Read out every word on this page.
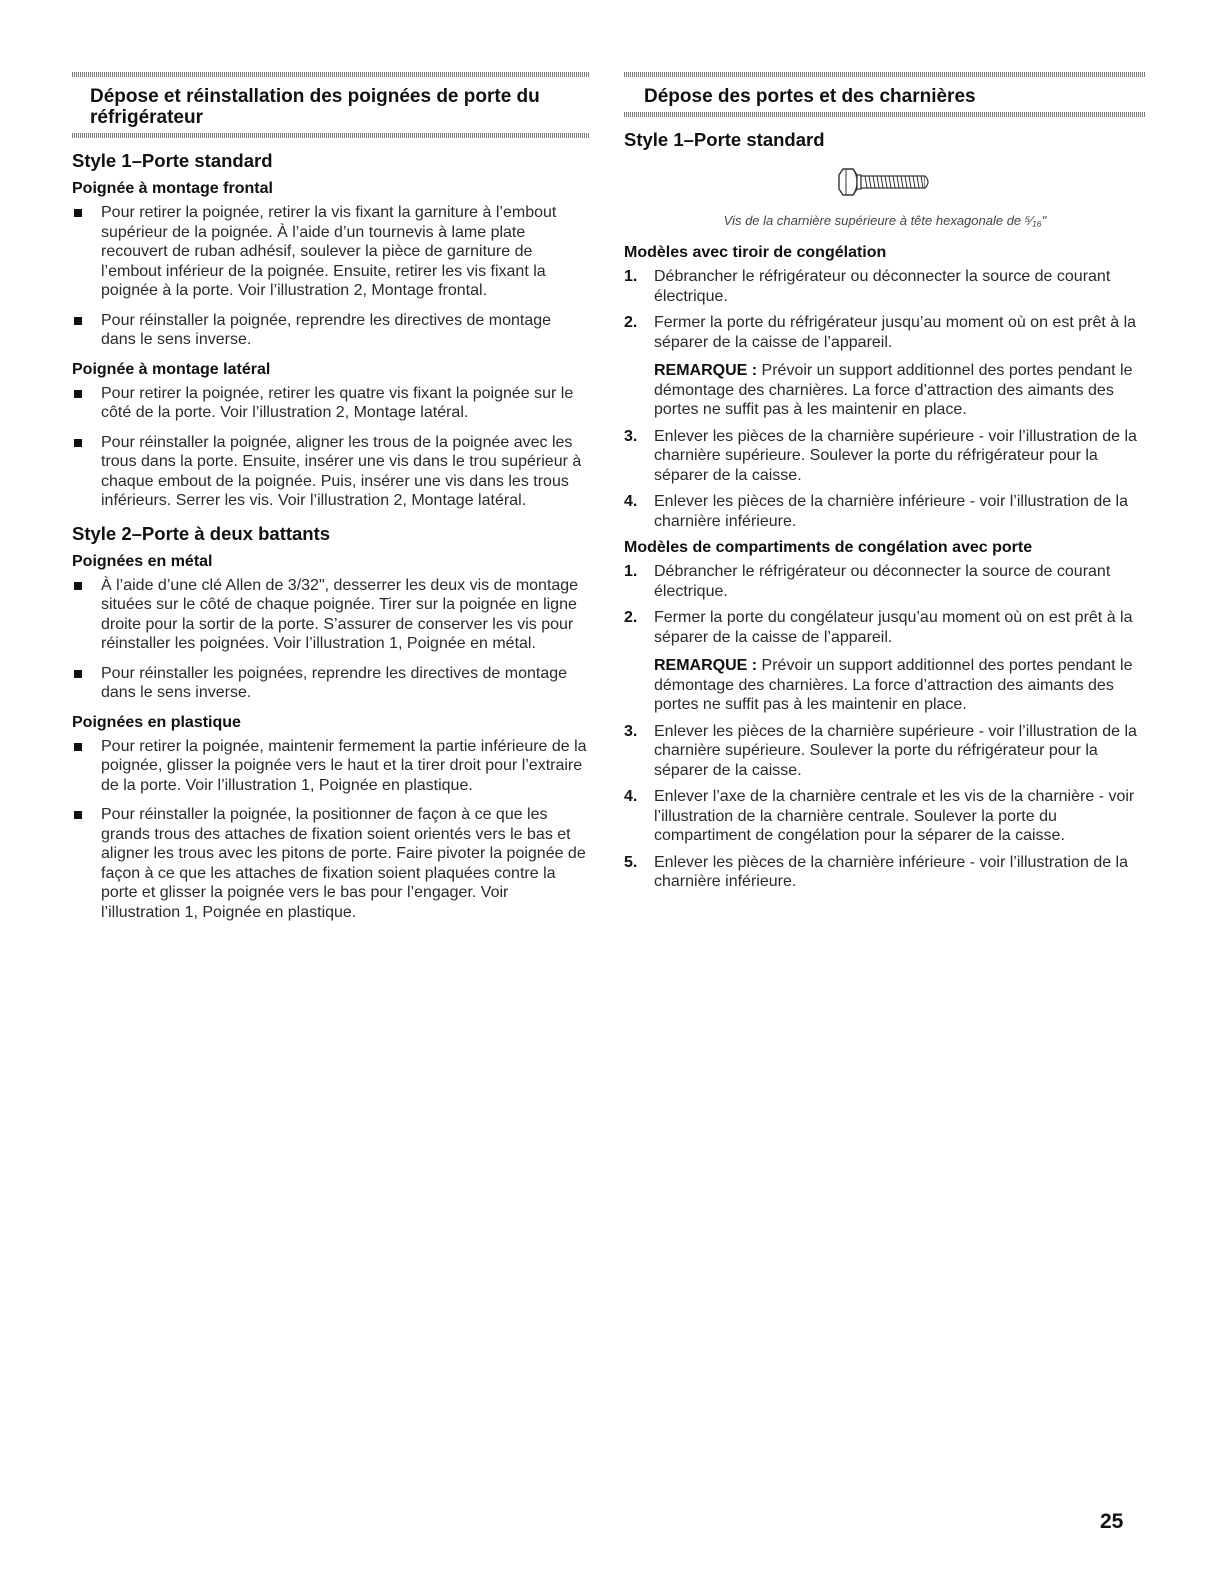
Dépose et réinstallation des poignées de porte du réfrigérateur
Style 1–Porte standard
Poignée à montage frontal
Pour retirer la poignée, retirer la vis fixant la garniture à l’embout supérieur de la poignée. À l’aide d’un tournevis à lame plate recouvert de ruban adhésif, soulever la pièce de garniture de l’embout inférieur de la poignée. Ensuite, retirer les vis fixant la poignée à la porte. Voir l’illustration 2, Montage frontal.
Pour réinstaller la poignée, reprendre les directives de montage dans le sens inverse.
Poignée à montage latéral
Pour retirer la poignée, retirer les quatre vis fixant la poignée sur le côté de la porte. Voir l’illustration 2, Montage latéral.
Pour réinstaller la poignée, aligner les trous de la poignée avec les trous dans la porte. Ensuite, insérer une vis dans le trou supérieur à chaque embout de la poignée. Puis, insérer une vis dans les trous inférieurs. Serrer les vis. Voir l’illustration 2, Montage latéral.
Style 2–Porte à deux battants
Poignées en métal
À l’aide d’une clé Allen de 3/32", desserrer les deux vis de montage situées sur le côté de chaque poignée. Tirer sur la poignée en ligne droite pour la sortir de la porte. S’assurer de conserver les vis pour réinstaller les poignées. Voir l’illustration 1, Poignée en métal.
Pour réinstaller les poignées, reprendre les directives de montage dans le sens inverse.
Poignées en plastique
Pour retirer la poignée, maintenir fermement la partie inférieure de la poignée, glisser la poignée vers le haut et la tirer droit pour l’extraire de la porte. Voir l’illustration 1, Poignée en plastique.
Pour réinstaller la poignée, la positionner de façon à ce que les grands trous des attaches de fixation soient orientés vers le bas et aligner les trous avec les pitons de porte. Faire pivoter la poignée de façon à ce que les attaches de fixation soient plaquées contre la porte et glisser la poignée vers le bas pour l’engager. Voir l’illustration 1, Poignée en plastique.
Dépose des portes et des charnières
Style 1–Porte standard

Vis de la charnière supérieure à tête hexagonale de ⁵⁄₁₆"

Modèles avec tiroir de congélation
1. Débrancher le réfrigérateur ou déconnecter la source de courant électrique.
2. Fermer la porte du réfrigérateur jusqu’au moment où on est prêt à la séparer de la caisse de l’appareil.
REMARQUE : Prévoir un support additionnel des portes pendant le démontage des charnières. La force d’attraction des aimants des portes ne suffit pas à les maintenir en place.
3. Enlever les pièces de la charnière supérieure - voir l’illustration de la charnière supérieure. Soulever la porte du réfrigérateur pour la séparer de la caisse.
4. Enlever les pièces de la charnière inférieure - voir l’illustration de la charnière inférieure.
Modèles de compartiments de congélation avec porte
1. Débrancher le réfrigérateur ou déconnecter la source de courant électrique.
2. Fermer la porte du congélateur jusqu’au moment où on est prêt à la séparer de la caisse de l’appareil.
REMARQUE : Prévoir un support additionnel des portes pendant le démontage des charnières. La force d’attraction des aimants des portes ne suffit pas à les maintenir en place.
3. Enlever les pièces de la charnière supérieure - voir l’illustration de la charnière supérieure. Soulever la porte du réfrigérateur pour la séparer de la caisse.
4. Enlever l’axe de la charnière centrale et les vis de la charnière - voir l’illustration de la charnière centrale. Soulever la porte du compartiment de congélation pour la séparer de la caisse.
5. Enlever les pièces de la charnière inférieure - voir l’illustration de la charnière inférieure.
25
